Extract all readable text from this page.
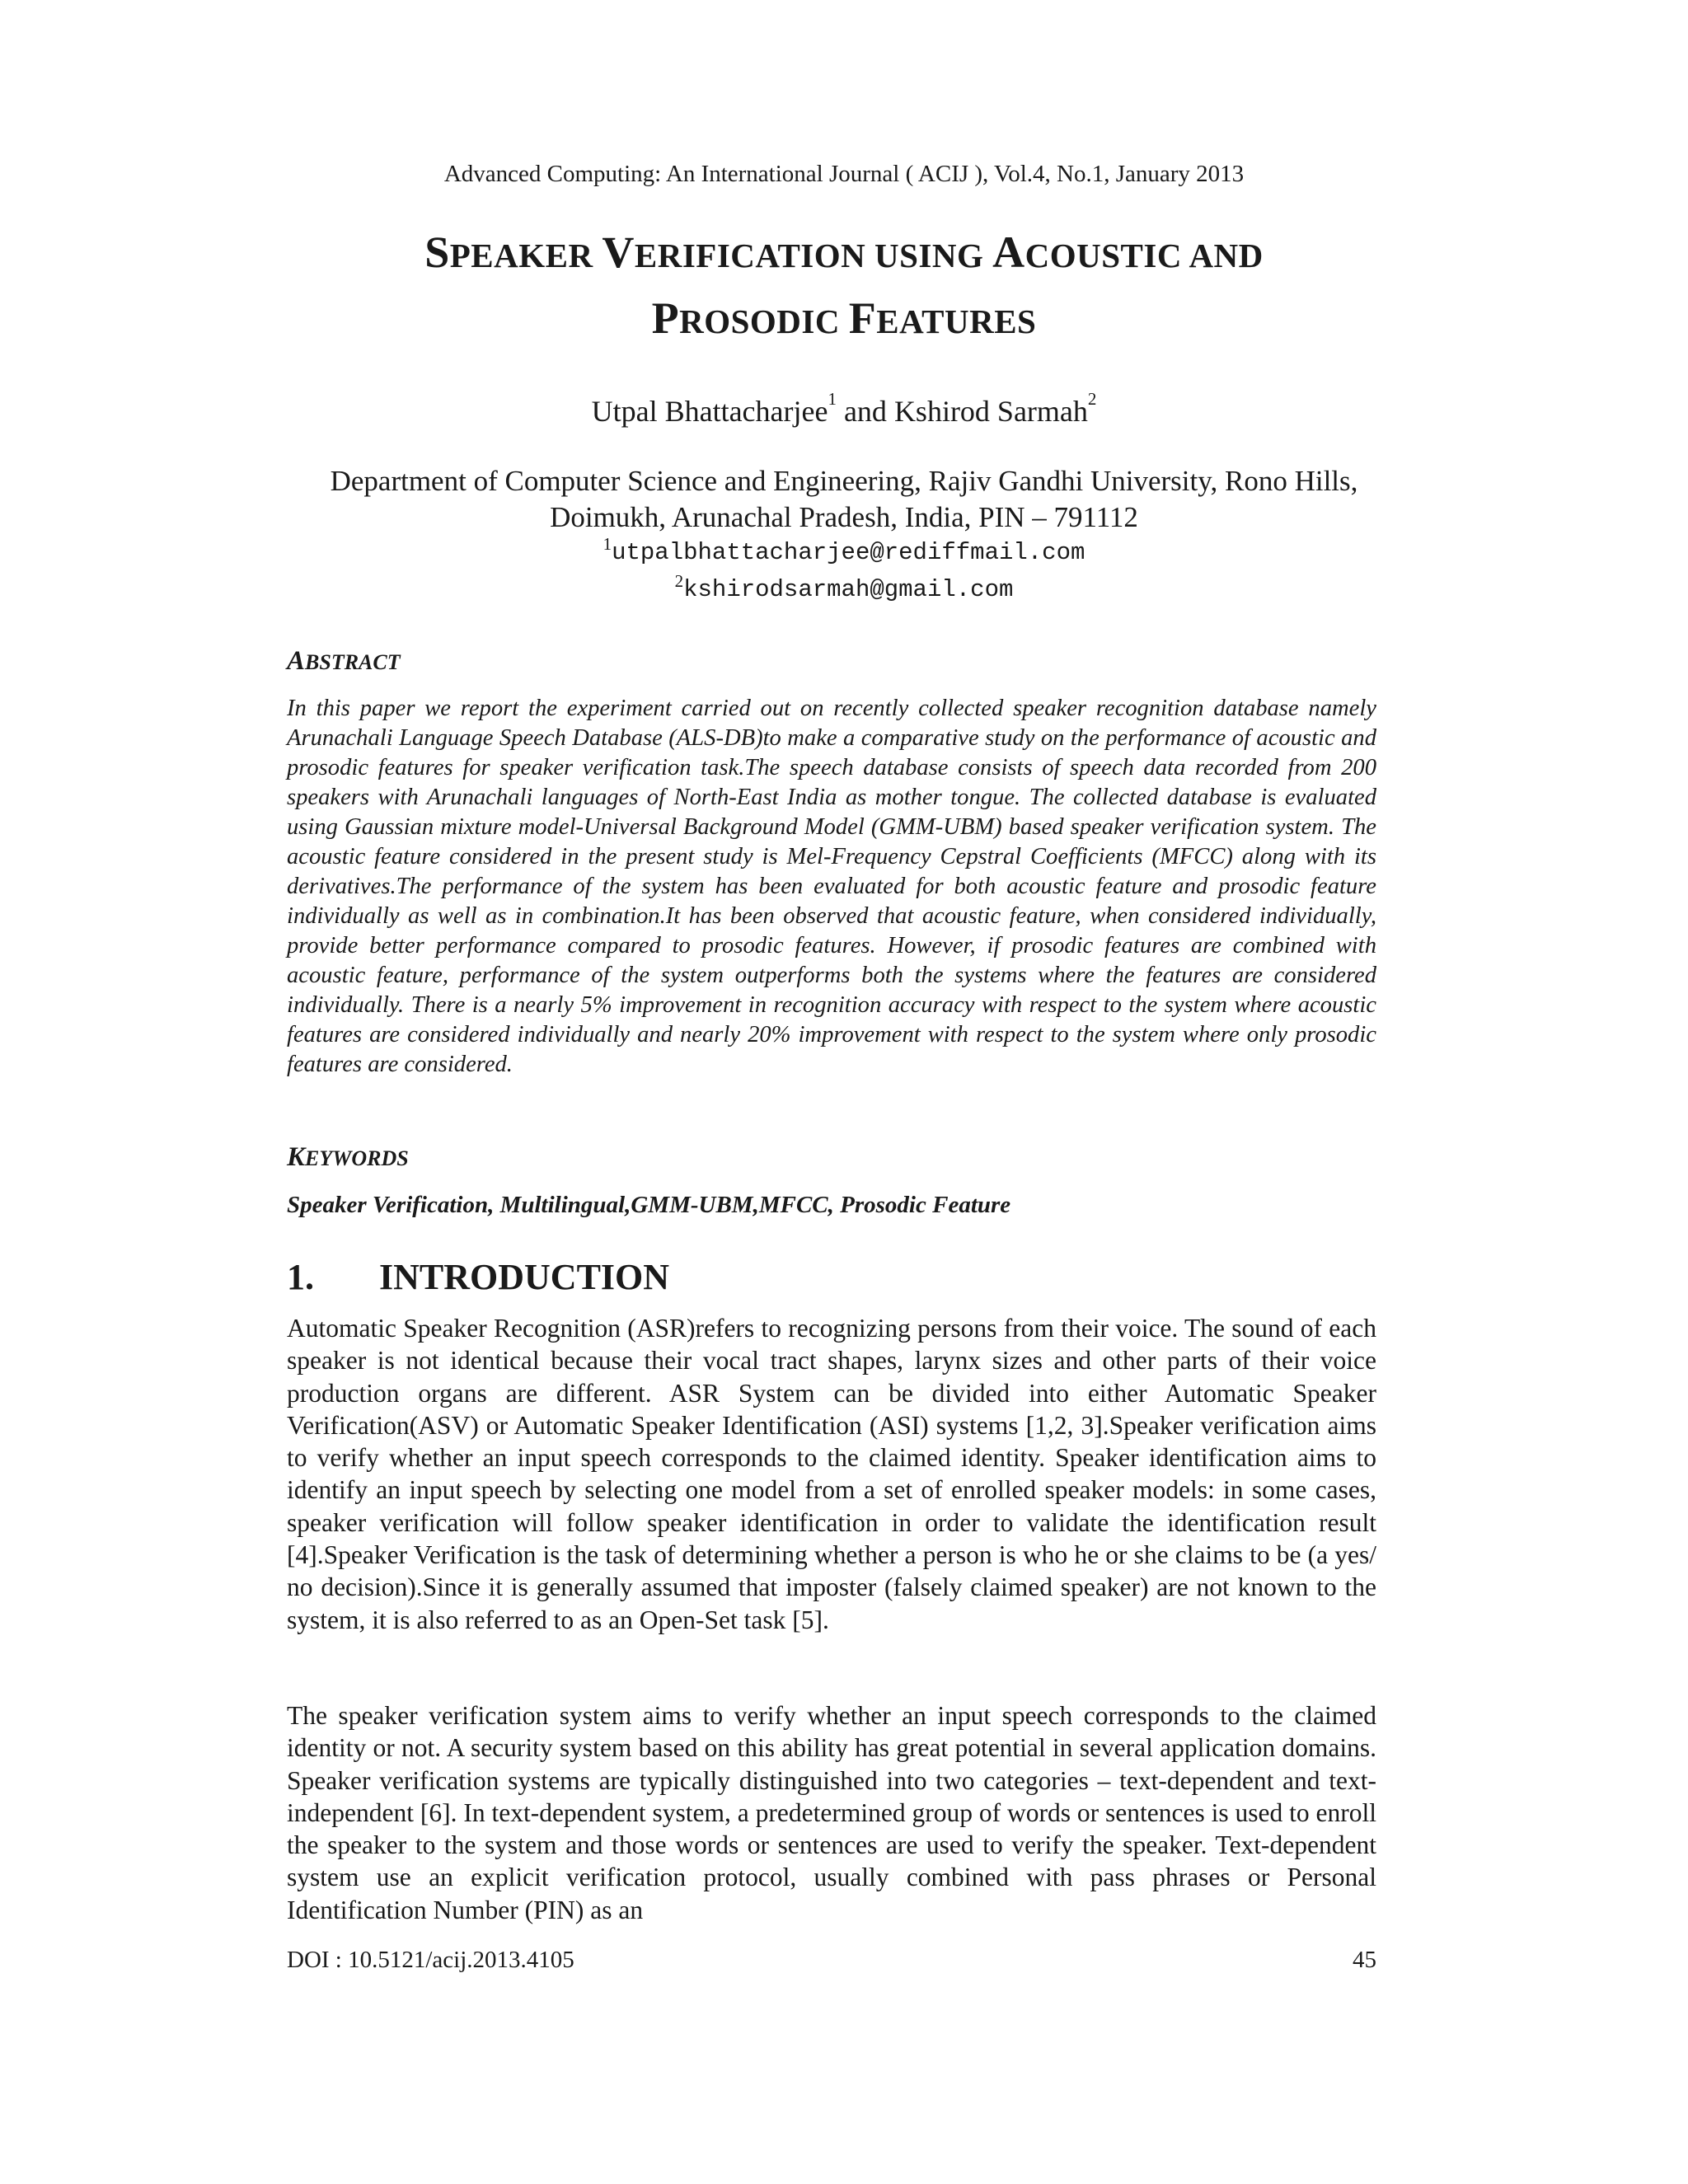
Advanced Computing: An International Journal ( ACIJ ), Vol.4, No.1, January 2013
SPEAKER VERIFICATION USING ACOUSTIC AND
PROSODIC FEATURES
Utpal Bhattacharjee$^1$ and Kshirod Sarmah$^2$
Department of Computer Science and Engineering, Rajiv Gandhi University, Rono Hills, Doimukh, Arunachal Pradesh, India, PIN – 791112
$^1$utpalbhattacharjee@rediffmail.com
$^2$kshirodsarmah@gmail.com
ABSTRACT
In this paper we report the experiment carried out on recently collected speaker recognition database namely Arunachali Language Speech Database (ALS-DB)to make a comparative study on the performance of acoustic and prosodic features for speaker verification task.The speech database consists of speech data recorded from 200 speakers with Arunachali languages of North-East India as mother tongue. The collected database is evaluated using Gaussian mixture model-Universal Background Model (GMM-UBM) based speaker verification system. The acoustic feature considered in the present study is Mel-Frequency Cepstral Coefficients (MFCC) along with its derivatives.The performance of the system has been evaluated for both acoustic feature and prosodic feature individually as well as in combination.It has been observed that acoustic feature, when considered individually, provide better performance compared to prosodic features. However, if prosodic features are combined with acoustic feature, performance of the system outperforms both the systems where the features are considered individually. There is a nearly 5% improvement in recognition accuracy with respect to the system where acoustic features are considered individually and nearly 20% improvement with respect to the system where only prosodic features are considered.
KEYWORDS
Speaker Verification, Multilingual,GMM-UBM,MFCC, Prosodic Feature
1. INTRODUCTION
Automatic Speaker Recognition (ASR)refers to recognizing persons from their voice. The sound of each speaker is not identical because their vocal tract shapes, larynx sizes and other parts of their voice production organs are different. ASR System can be divided into either Automatic Speaker Verification(ASV) or Automatic Speaker Identification (ASI) systems [1,2, 3].Speaker verification aims to verify whether an input speech corresponds to the claimed identity. Speaker identification aims to identify an input speech by selecting one model from a set of enrolled speaker models: in some cases, speaker verification will follow speaker identification in order to validate the identification result [4].Speaker Verification is the task of determining whether a person is who he or she claims to be (a yes/ no decision).Since it is generally assumed that imposter (falsely claimed speaker) are not known to the system, it is also referred to as an Open-Set task [5].
The speaker verification system aims to verify whether an input speech corresponds to the claimed identity or not. A security system based on this ability has great potential in several application domains. Speaker verification systems are typically distinguished into two categories – text-dependent and text-independent [6]. In text-dependent system, a predetermined group of words or sentences is used to enroll the speaker to the system and those words or sentences are used to verify the speaker. Text-dependent system use an explicit verification protocol, usually combined with pass phrases or Personal Identification Number (PIN) as an
DOI : 10.5121/acij.2013.4105	45
